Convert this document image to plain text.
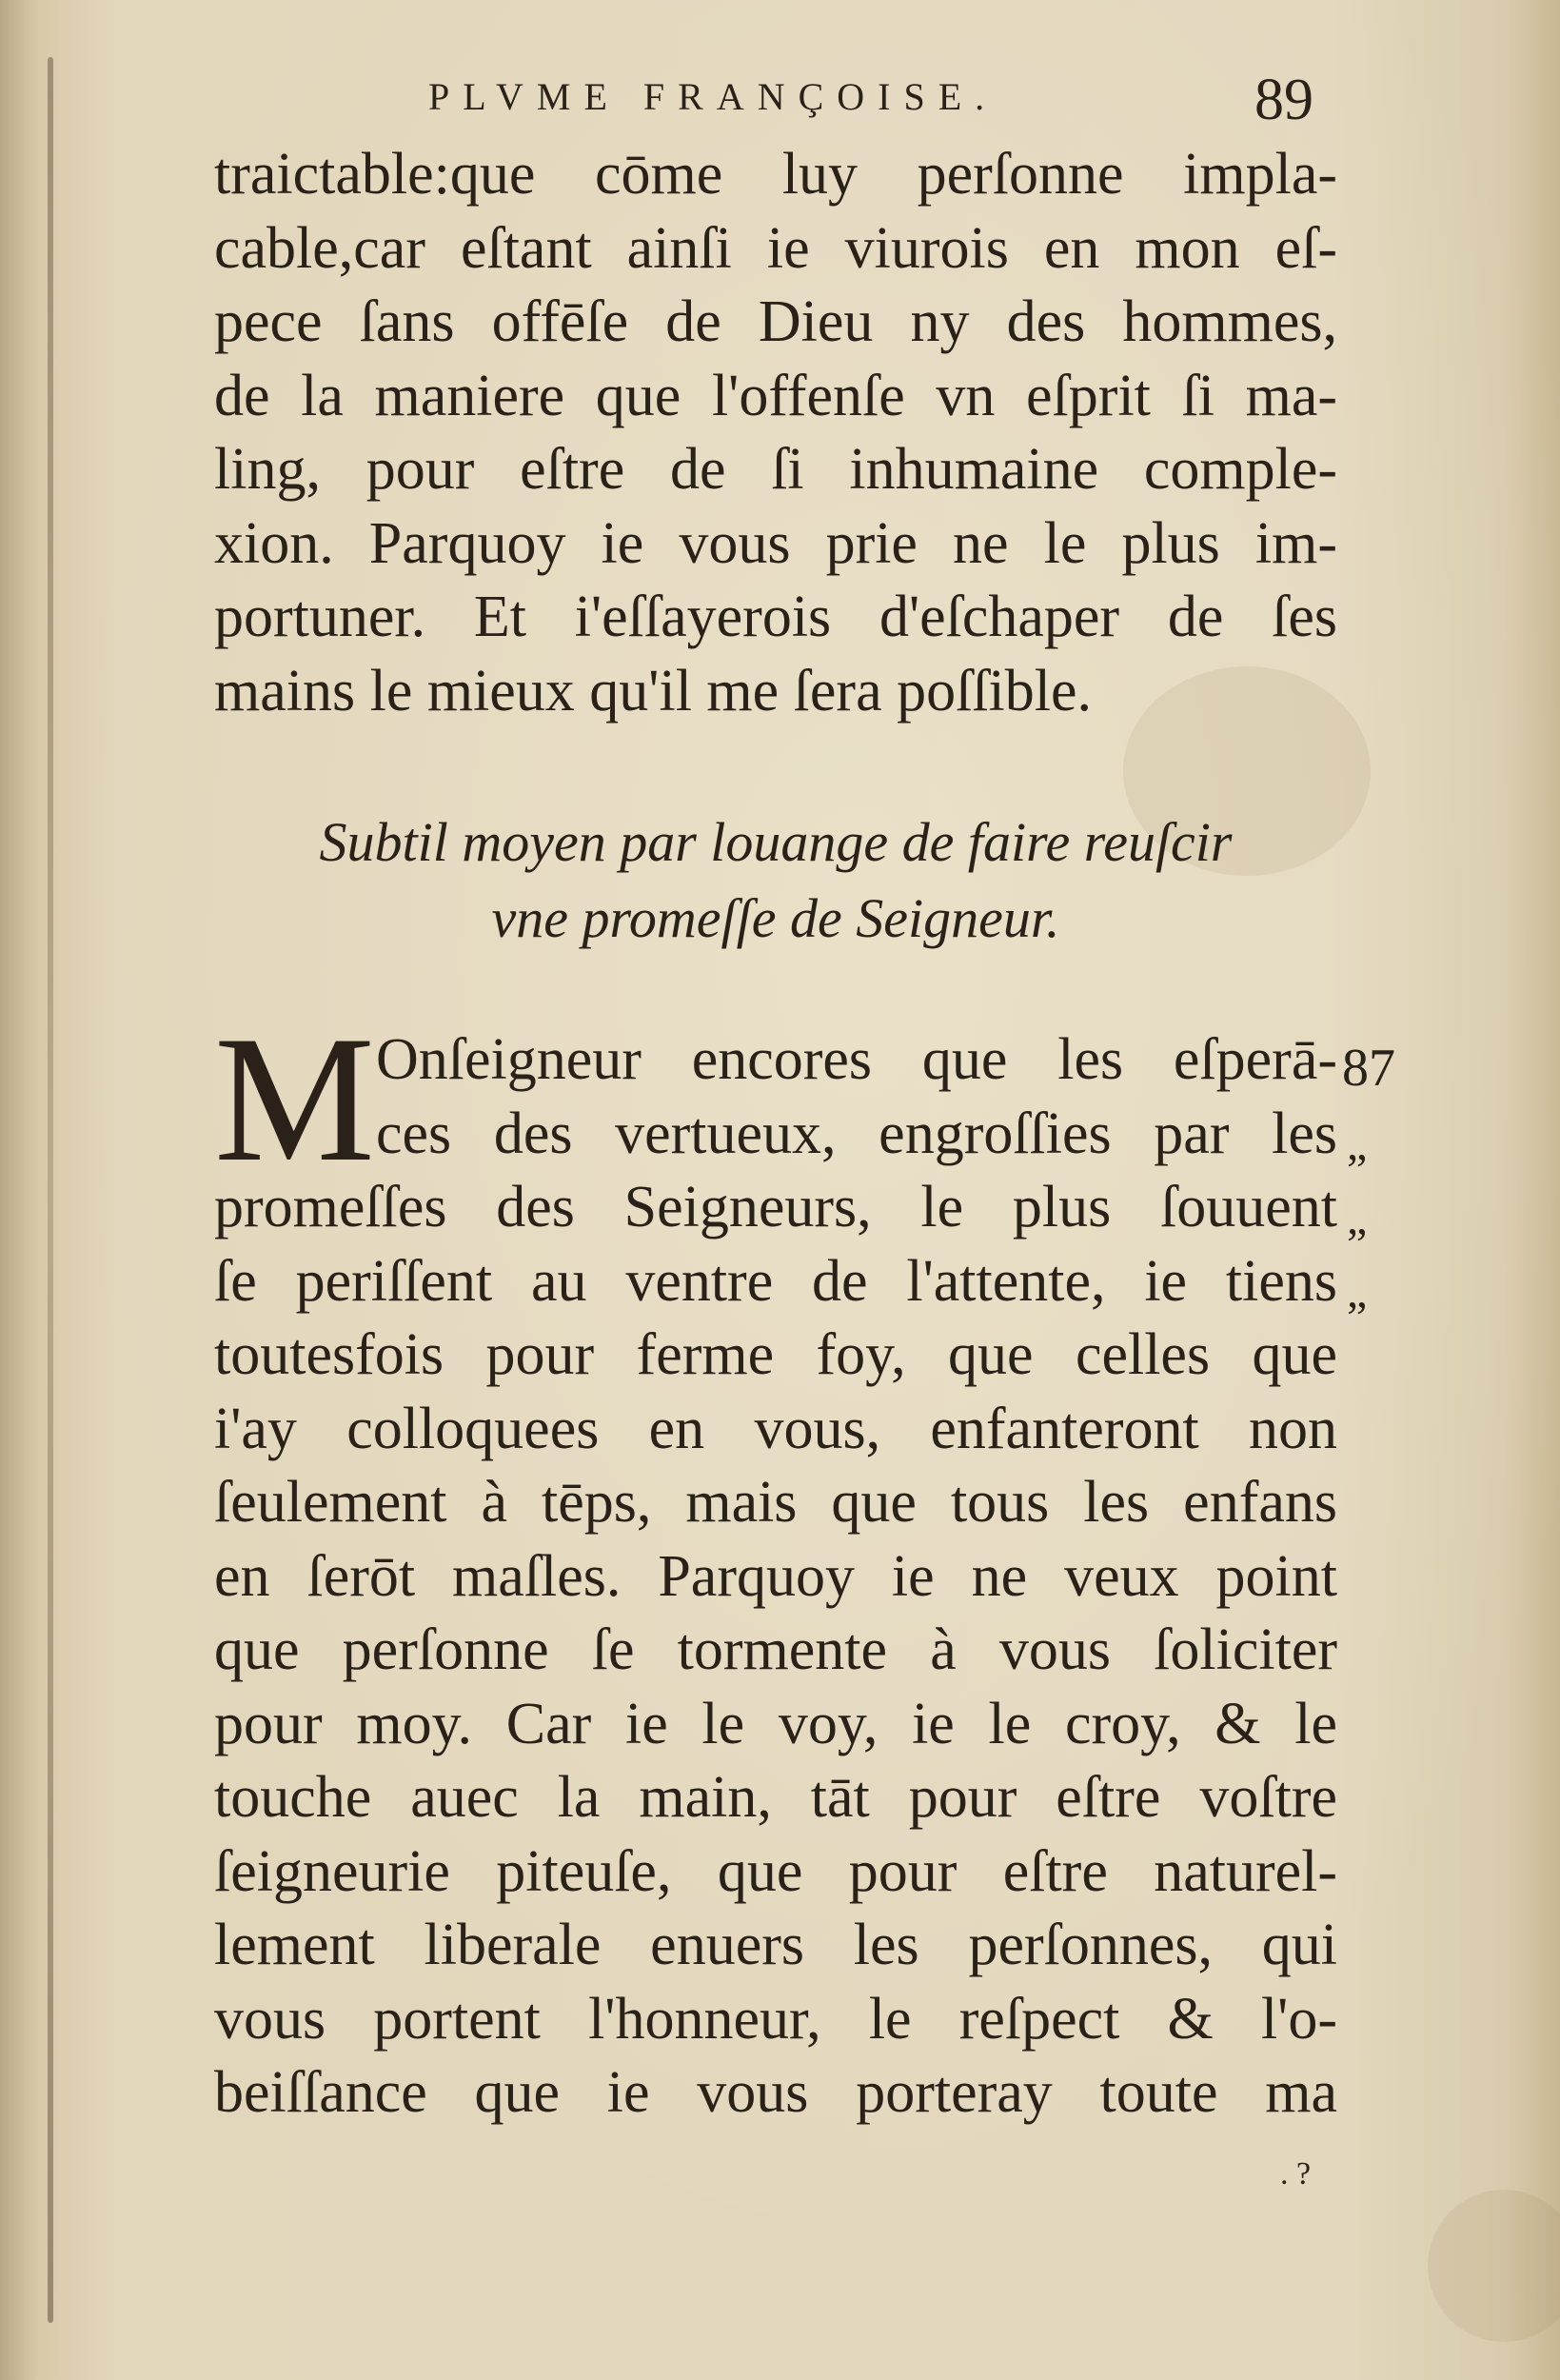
PLVME FRANÇOISE.	89
traictable:que cōme luy perſonne impla-
cable,car eſtant ainſi ie viurois en mon eſ-
pece ſans offēſe de Dieu ny des hommes,
de la maniere que l'offenſe vn eſprit ſi ma-
ling, pour eſtre de ſi inhumaine comple-
xion. Parquoy ie vous prie ne le plus im-
portuner. Et i'eſſayerois d'eſchaper de ſes
mains le mieux qu'il me ſera poſſible.
Subtil moyen par louange de faire reuſcir
vne promeſſe de Seigneur.
M Onſeigneur encores que les eſperā-
ces des vertueux, engroſſies par les
promeſſes des Seigneurs, le plus ſouuent
ſe periſſent au ventre de l'attente, ie tiens
toutesfois pour ferme foy, que celles que
i'ay colloquees en vous, enfanteront non
ſeulement à tēps, mais que tous les enfans
en ſerōt maſles. Parquoy ie ne veux point
que perſonne ſe tormente à vous ſoliciter
pour moy. Car ie le voy, ie le croy, & le
touche auec la main, tāt pour eſtre voſtre
ſeigneurie piteuſe, que pour eſtre naturel-
lement liberale enuers les perſonnes, qui
vous portent l'honneur, le reſpect & l'o-
beiſſance que ie vous porteray toute ma
87
„
„
„
. ?
